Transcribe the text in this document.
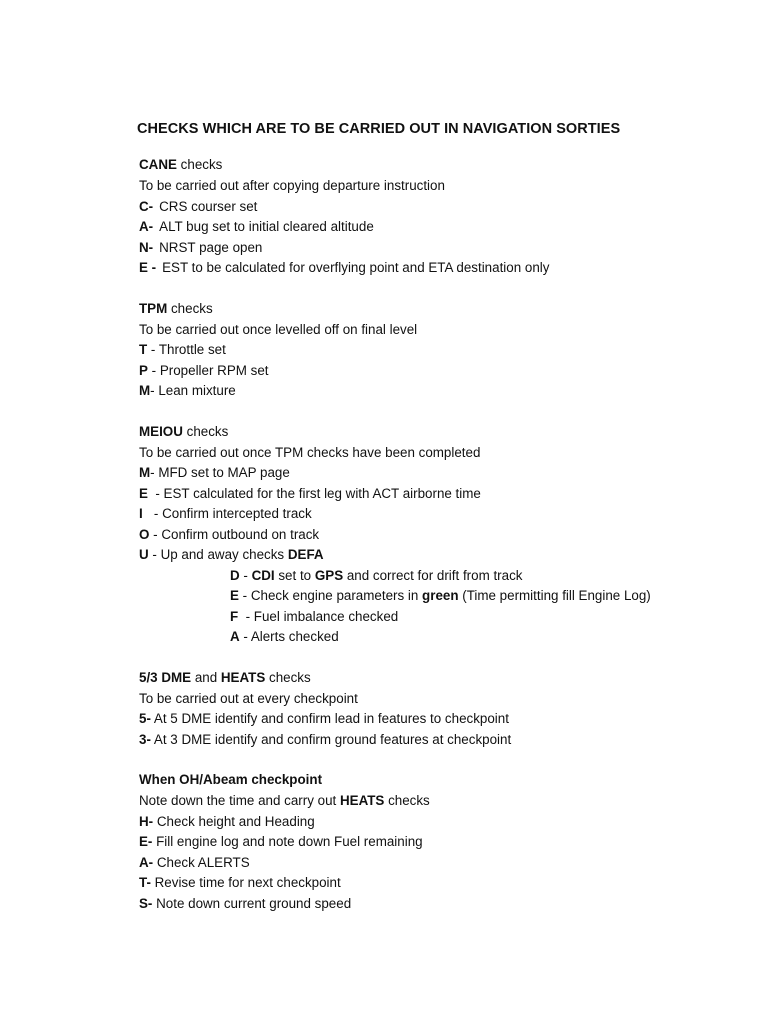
CHECKS WHICH ARE TO BE CARRIED OUT IN NAVIGATION SORTIES
CANE checks
To be carried out after copying departure instruction
C- CRS courser set
A- ALT bug set to initial cleared altitude
N- NRST page open
E - EST to be calculated for overflying point and ETA destination only
TPM checks
To be carried out once levelled off on final level
T - Throttle set
P - Propeller RPM set
M- Lean mixture
MEIOU checks
To be carried out once TPM checks have been completed
M- MFD set to MAP page
E  - EST calculated for the first leg with ACT airborne time
I   - Confirm intercepted track
O - Confirm outbound on track
U - Up and away checks DEFA
D - CDI set to GPS and correct for drift from track
E - Check engine parameters in green (Time permitting fill Engine Log)
F  - Fuel imbalance checked
A - Alerts checked
5/3 DME and HEATS checks
To be carried out at every checkpoint
5- At 5 DME identify and confirm lead in features to checkpoint
3- At 3 DME identify and confirm ground features at checkpoint
When OH/Abeam checkpoint
Note down the time and carry out HEATS checks
H- Check height and Heading
E- Fill engine log and note down Fuel remaining
A- Check ALERTS
T- Revise time for next checkpoint
S- Note down current ground speed
